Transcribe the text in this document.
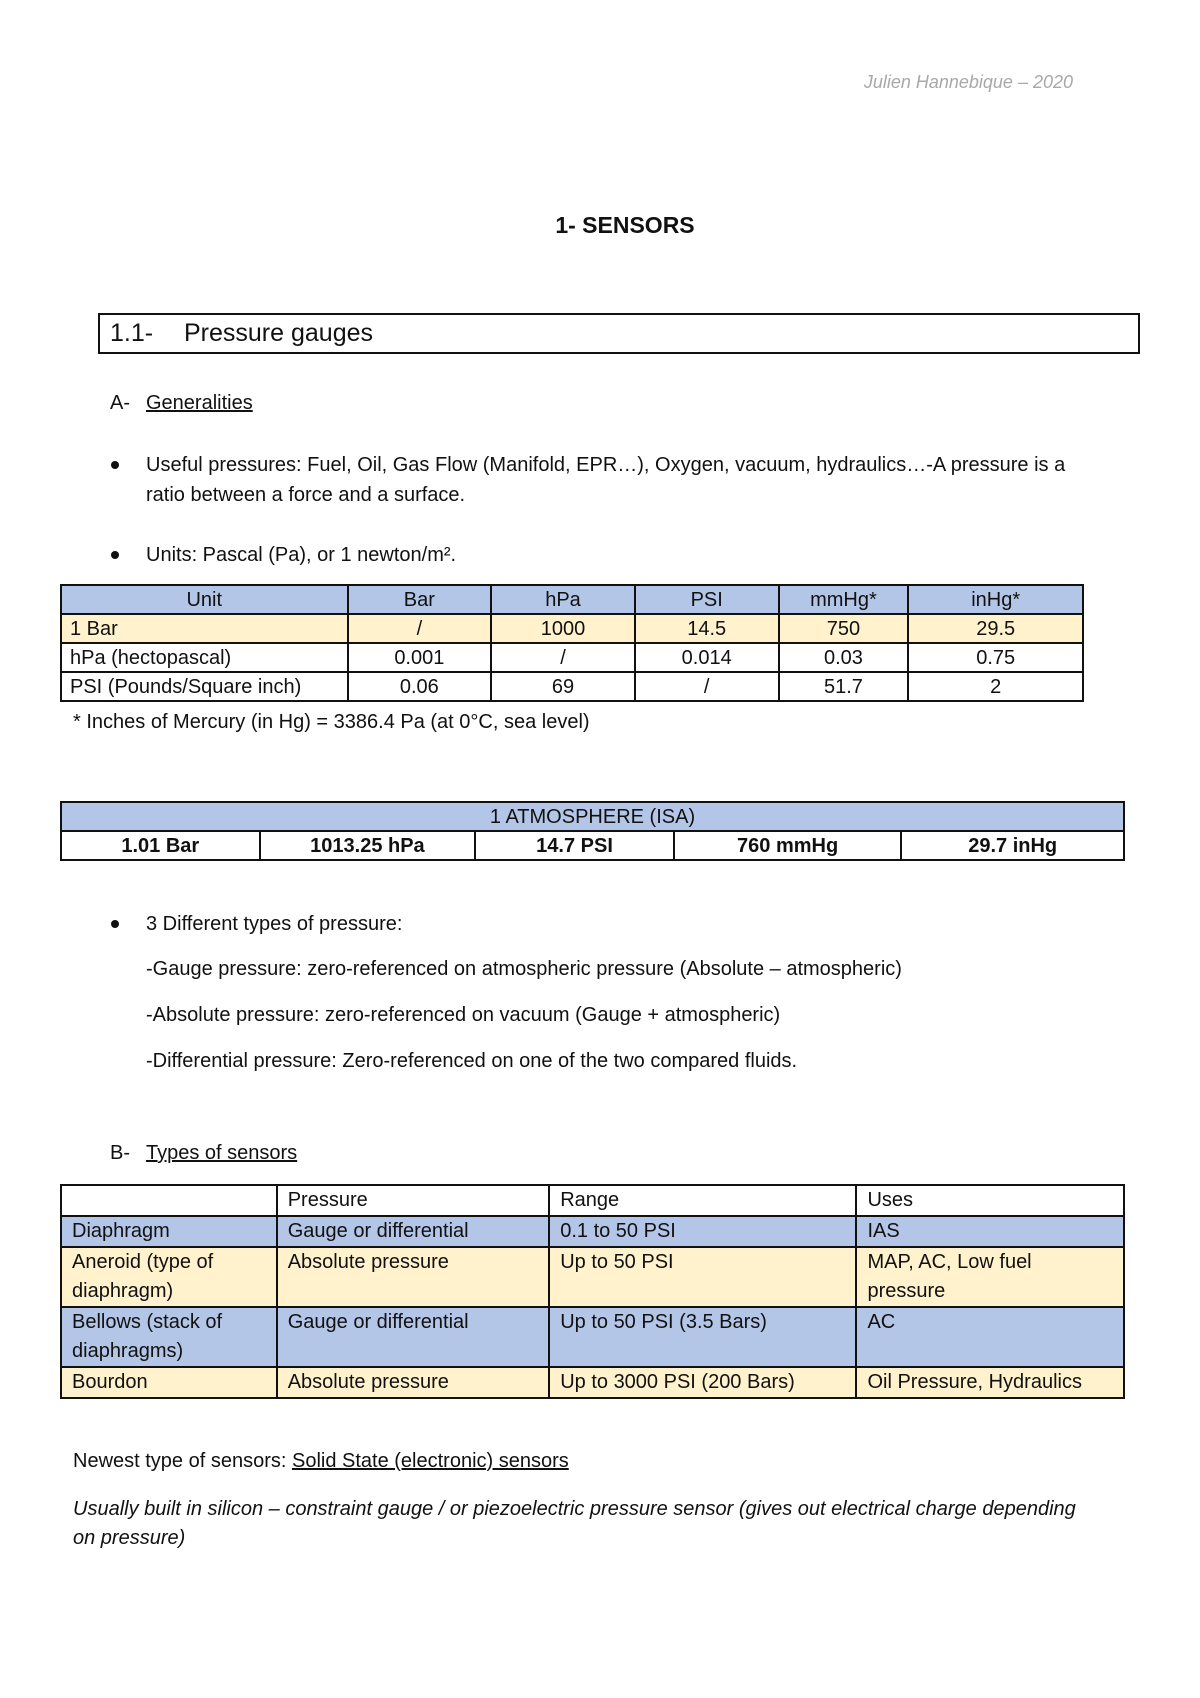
Julien Hannebique – 2020
1- SENSORS
1.1- Pressure gauges
A- Generalities
Useful pressures: Fuel, Oil, Gas Flow (Manifold, EPR…), Oxygen, vacuum, hydraulics…-A pressure is a
ratio between a force and a surface.
Units: Pascal (Pa), or 1 newton/m².
Unit	Bar	hPa	PSI	mmHg*	inHg*
1 Bar	/	1000	14.5	750	29.5
hPa (hectopascal)	0.001	/	0.014	0.03	0.75
PSI (Pounds/Square inch)	0.06	69	/	51.7	2
* Inches of Mercury (in Hg) = 3386.4 Pa (at 0°C, sea level)
1 ATMOSPHERE (ISA)
1.01 Bar	1013.25 hPa	14.7 PSI	760 mmHg	29.7 inHg
3 Different types of pressure:
-Gauge pressure: zero-referenced on atmospheric pressure (Absolute – atmospheric)
-Absolute pressure: zero-referenced on vacuum (Gauge + atmospheric)
-Differential pressure: Zero-referenced on one of the two compared fluids.
B- Types of sensors
	Pressure	Range	Uses
Diaphragm	Gauge or differential	0.1 to 50 PSI	IAS
Aneroid (type of diaphragm)	Absolute pressure	Up to 50 PSI	MAP, AC, Low fuel pressure
Bellows (stack of diaphragms)	Gauge or differential	Up to 50 PSI (3.5 Bars)	AC
Bourdon	Absolute pressure	Up to 3000 PSI (200 Bars)	Oil Pressure, Hydraulics
Newest type of sensors: Solid State (electronic) sensors
Usually built in silicon – constraint gauge / or piezoelectric pressure sensor (gives out electrical charge depending on pressure)
